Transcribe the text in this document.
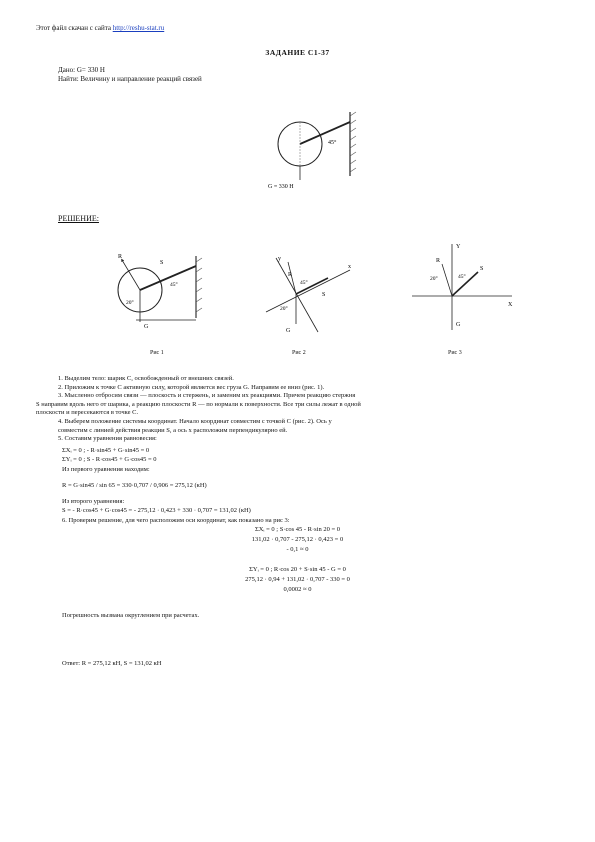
Этот файл скачан с сайта http://reshu-stat.ru
ЗАДАНИЕ С1-37
Дано: G= 330 Н
Найти: Величину и направление реакций связей
45°
G = 330 Н
РЕШЕНИЕ:
R
S
45°
20°
G
Рис 1
x
y
R
S
45°
20°
G
Рис 2
Y
X
R
S
45°
20°
G
Рис 3
1. Выделим тело: шарик С, освобожденный от внешних связей.
2. Приложим к точке С активную силу, которой является вес груза G. Направим ее вниз (рис. 1).
3. Мысленно отбросим связи — плоскость и стержень, и заменим их реакциями. Причем реакцию стержня
S направим вдоль него от шарика, а реакцию плоскости R — по нормали к поверхности. Все три силы лежат в одной
плоскости и пересекаются в точке С.
4. Выберем положение системы координат. Начало координат совместим с точкой С (рис. 2). Ось у
совместим с линией действия реакции S, а ось х расположим перпендикулярно ей.
5. Составим уравнения равновесия:
ΣXᵢ = 0 ; - R·sin45 + G·sin45 = 0
ΣYᵢ = 0 ; S - R·cos45 + G·cos45 = 0
Из первого уравнения находим:
R = G·sin45 / sin 65 = 330·0,707 / 0,906 = 275,12 (кН)
Из второго уравнения:
S = - R·cos45 + G·cos45 = - 275,12 · 0,423 + 330 · 0,707 = 131,02 (кН)
6. Проверим решение, для чего расположим оси координат, как показано на рис 3:
ΣXᵢ = 0 ; S·cos 45 - R·sin 20 = 0
131,02 · 0,707 - 275,12 · 0,423 = 0
- 0,1 ≈ 0
ΣYᵢ = 0 ; R·cos 20 + S·sin 45 - G = 0
275,12 · 0,94 + 131,02 · 0,707 - 330 = 0
0,0002 ≈ 0
Погрешность вызвана округлением при расчетах.
Ответ: R = 275,12 кН, S = 131,02 кН
